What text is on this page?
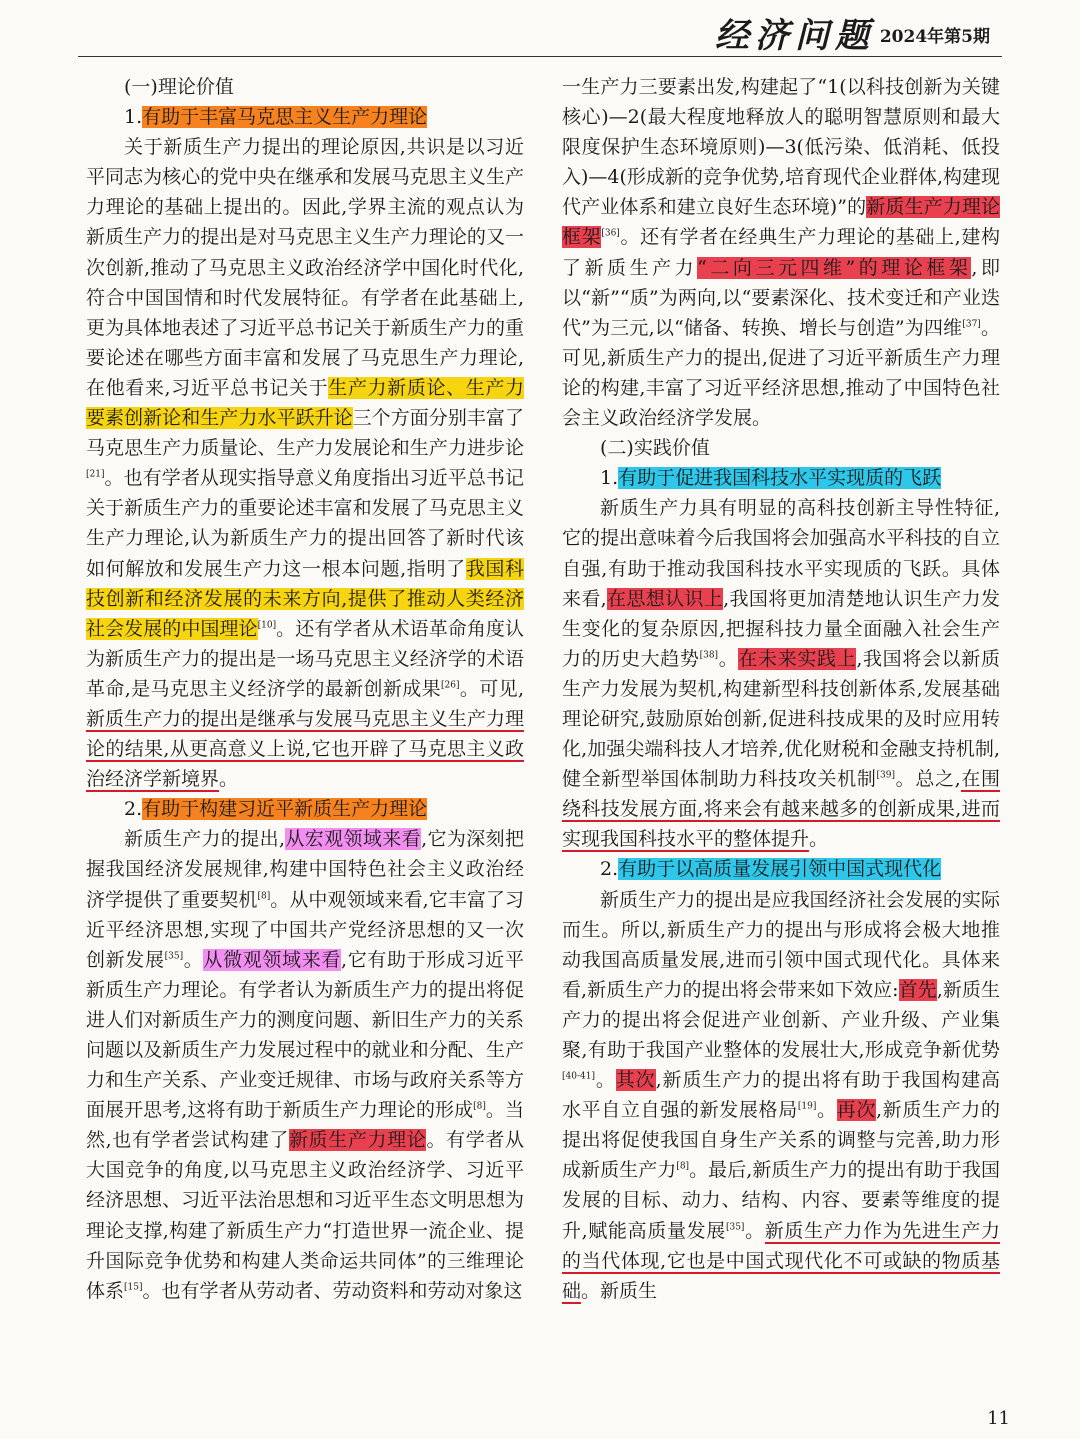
经济问题 2024年第5期

(一)理论价值

1.有助于丰富马克思主义生产力理论

关于新质生产力提出的理论原因,共识是以习近平同志为核心的党中央在继承和发展马克思主义生产力理论的基础上提出的。因此,学界主流的观点认为新质生产力的提出是对马克思主义生产力理论的又一次创新,推动了马克思主义政治经济学中国化时代化,符合中国国情和时代发展特征。有学者在此基础上,更为具体地表述了习近平总书记关于新质生产力的重要论述在哪些方面丰富和发展了马克思生产力理论,在他看来,习近平总书记关于生产力新质论、生产力要素创新论和生产力水平跃升论三个方面分别丰富了马克思生产力质量论、生产力发展论和生产力进步论[21]。也有学者从现实指导意义角度指出习近平总书记关于新质生产力的重要论述丰富和发展了马克思主义生产力理论,认为新质生产力的提出回答了新时代该如何解放和发展生产力这一根本问题,指明了我国科技创新和经济发展的未来方向,提供了推动人类经济社会发展的中国理论[10]。还有学者从术语革命角度认为新质生产力的提出是一场马克思主义经济学的术语革命,是马克思主义经济学的最新创新成果[26]。可见,新质生产力的提出是继承与发展马克思主义生产力理论的结果,从更高意义上说,它也开辟了马克思主义政治经济学新境界。

2.有助于构建习近平新质生产力理论

新质生产力的提出,从宏观领域来看,它为深刻把握我国经济发展规律,构建中国特色社会主义政治经济学提供了重要契机[8]。从中观领域来看,它丰富了习近平经济思想,实现了中国共产党经济思想的又一次创新发展[35]。从微观领域来看,它有助于形成习近平新质生产力理论。有学者认为新质生产力的提出将促进人们对新质生产力的测度问题、新旧生产力的关系问题以及新质生产力发展过程中的就业和分配、生产力和生产关系、产业变迁规律、市场与政府关系等方面展开思考,这将有助于新质生产力理论的形成[8]。当然,也有学者尝试构建了新质生产力理论。有学者从大国竞争的角度,以马克思主义政治经济学、习近平经济思想、习近平法治思想和习近平生态文明思想为理论支撑,构建了新质生产力“打造世界一流企业、提升国际竞争优势和构建人类命运共同体”的三维理论体系[15]。也有学者从劳动者、劳动资料和劳动对象这

一生产力三要素出发,构建起了“1(以科技创新为关键核心)—2(最大程度地释放人的聪明智慧原则和最大限度保护生态环境原则)—3(低污染、低消耗、低投入)—4(形成新的竞争优势,培育现代企业群体,构建现代产业体系和建立良好生态环境)”的新质生产力理论框架[36]。还有学者在经典生产力理论的基础上,建构了新质生产力“二向三元四维”的理论框架,即以“新”“质”为两向,以“要素深化、技术变迁和产业迭代”为三元,以“储备、转换、增长与创造”为四维[37]。可见,新质生产力的提出,促进了习近平新质生产力理论的构建,丰富了习近平经济思想,推动了中国特色社会主义政治经济学发展。

(二)实践价值

1.有助于促进我国科技水平实现质的飞跃

新质生产力具有明显的高科技创新主导性特征,它的提出意味着今后我国将会加强高水平科技的自立自强,有助于推动我国科技水平实现质的飞跃。具体来看,在思想认识上,我国将更加清楚地认识生产力发生变化的复杂原因,把握科技力量全面融入社会生产力的历史大趋势[38]。在未来实践上,我国将会以新质生产力发展为契机,构建新型科技创新体系,发展基础理论研究,鼓励原始创新,促进科技成果的及时应用转化,加强尖端科技人才培养,优化财税和金融支持机制,健全新型举国体制助力科技攻关机制[39]。总之,在围绕科技发展方面,将来会有越来越多的创新成果,进而实现我国科技水平的整体提升。

2.有助于以高质量发展引领中国式现代化

新质生产力的提出是应我国经济社会发展的实际而生。所以,新质生产力的提出与形成将会极大地推动我国高质量发展,进而引领中国式现代化。具体来看,新质生产力的提出将会带来如下效应:首先,新质生产力的提出将会促进产业创新、产业升级、产业集聚,有助于我国产业整体的发展壮大,形成竞争新优势[40-41]。其次,新质生产力的提出将有助于我国构建高水平自立自强的新发展格局[19]。再次,新质生产力的提出将促使我国自身生产关系的调整与完善,助力形成新质生产力[8]。最后,新质生产力的提出有助于我国发展的目标、动力、结构、内容、要素等维度的提升,赋能高质量发展[35]。新质生产力作为先进生产力的当代体现,它也是中国式现代化不可或缺的物质基础。新质生

11
